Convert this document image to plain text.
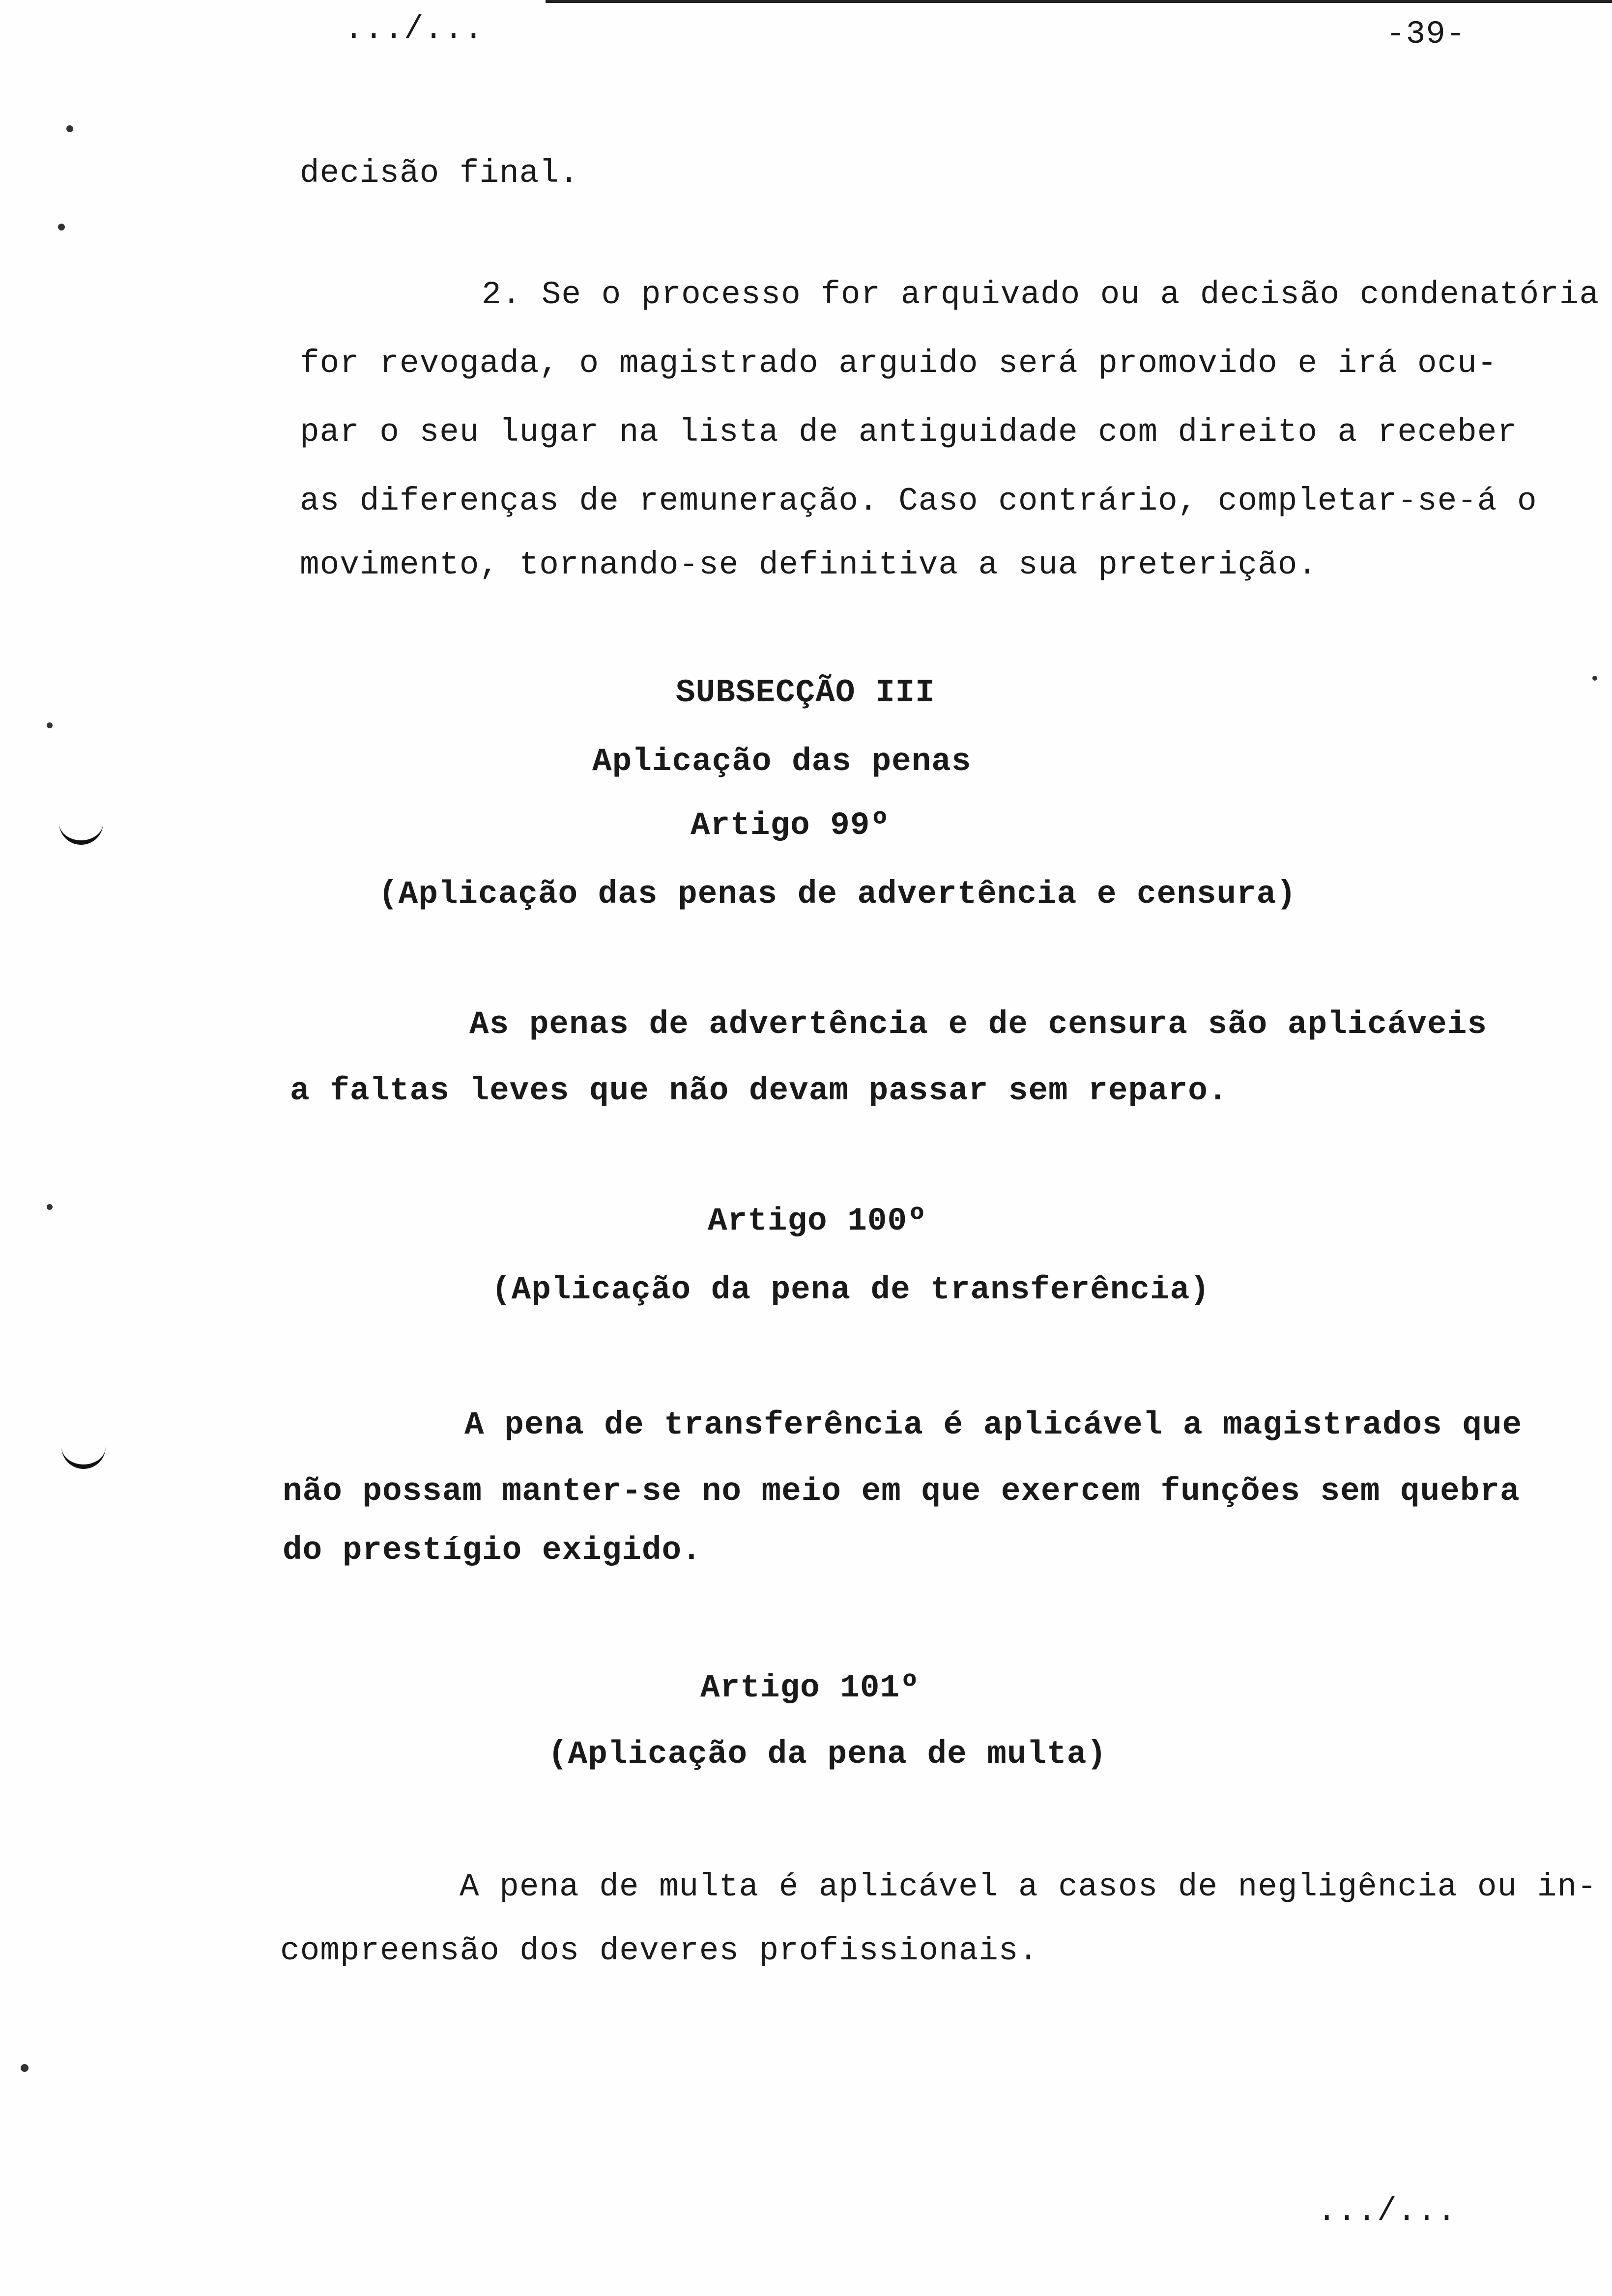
.../...	-39-
decisão final.
2. Se o processo for arquivado ou a decisão condenatória
for revogada, o magistrado arguido será promovido e irá ocu-
par o seu lugar na lista de antiguidade com direito a receber
as diferenças de remuneração. Caso contrário, completar-se-á o
movimento, tornando-se definitiva a sua preterição.
SUBSECÇÃO III
Aplicação das penas
Artigo 99º
(Aplicação das penas de advertência e censura)
As penas de advertência e de censura são aplicáveis
a faltas leves que não devam passar sem reparo.
Artigo 100º
(Aplicação da pena de transferência)
A pena de transferência é aplicável a magistrados que
não possam manter-se no meio em que exercem funções sem quebra
do prestígio exigido.
Artigo 101º
(Aplicação da pena de multa)
A pena de multa é aplicável a casos de negligência ou in-
compreensão dos deveres profissionais.
.../...
